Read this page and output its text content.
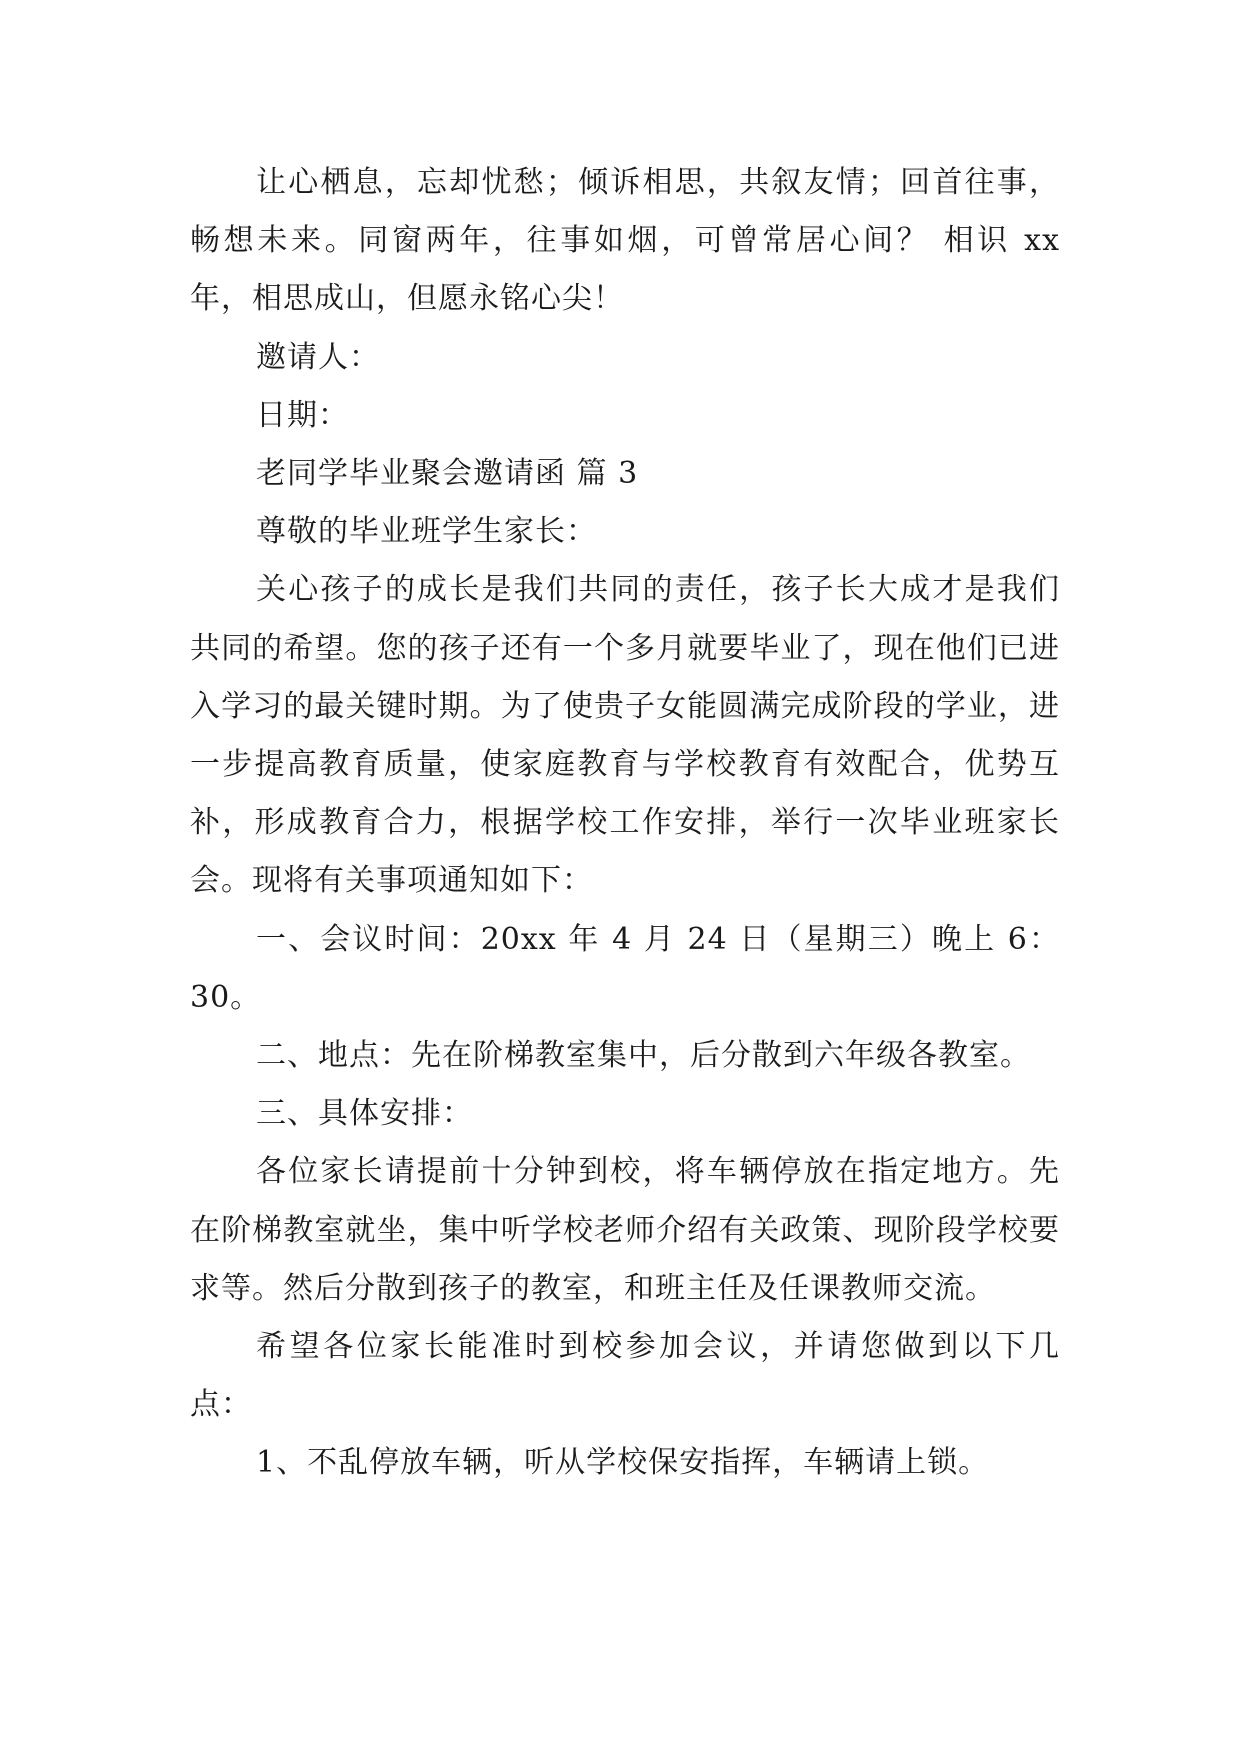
让心栖息，忘却忧愁；倾诉相思，共叙友情；回首往事，畅想未来。同窗两年，往事如烟，可曾常居心间？ 相识 xx 年，相思成山，但愿永铭心尖！

邀请人：

日期：

老同学毕业聚会邀请函 篇 3

尊敬的毕业班学生家长：

关心孩子的成长是我们共同的责任，孩子长大成才是我们共同的希望。您的孩子还有一个多月就要毕业了，现在他们已进入学习的最关键时期。为了使贵子女能圆满完成阶段的学业，进一步提高教育质量，使家庭教育与学校教育有效配合，优势互补，形成教育合力，根据学校工作安排，举行一次毕业班家长会。现将有关事项通知如下：

一、会议时间：20xx 年 4 月 24 日（星期三）晚上 6：30。

二、地点：先在阶梯教室集中，后分散到六年级各教室。

三、具体安排：

各位家长请提前十分钟到校，将车辆停放在指定地方。先在阶梯教室就坐，集中听学校老师介绍有关政策、现阶段学校要求等。然后分散到孩子的教室，和班主任及任课教师交流。

希望各位家长能准时到校参加会议，并请您做到以下几点：

1、不乱停放车辆，听从学校保安指挥，车辆请上锁。
